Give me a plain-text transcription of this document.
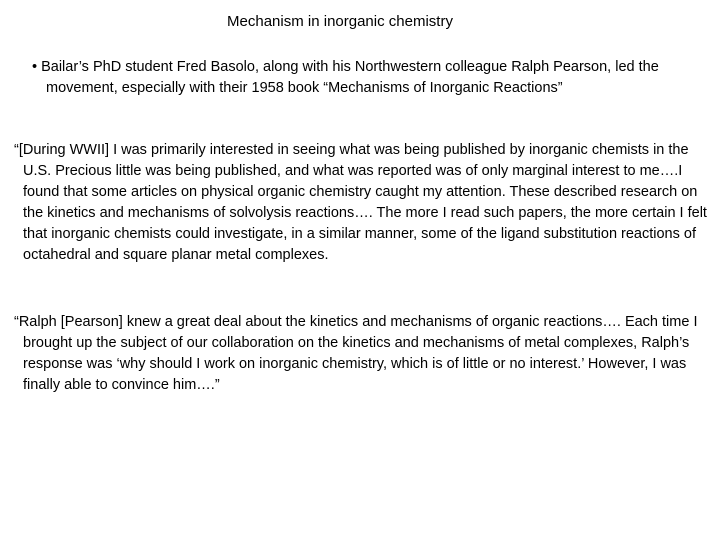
Mechanism in inorganic chemistry

• Bailar’s PhD student Fred Basolo, along with his Northwestern colleague Ralph Pearson, led the movement, especially with their 1958 book “Mechanisms of Inorganic Reactions”

“[During WWII] I was primarily interested in seeing what was being published by inorganic chemists in the U.S. Precious little was being published, and what was reported was of only marginal interest to me….I found that some articles on physical organic chemistry caught my attention. These described research on the kinetics and mechanisms of solvolysis reactions…. The more I read such papers, the more certain I felt that inorganic chemists could investigate, in a similar manner, some of the ligand substitution reactions of octahedral and square planar metal complexes.

“Ralph [Pearson] knew a great deal about the kinetics and mechanisms of organic reactions…. Each time I brought up the subject of our collaboration on the kinetics and mechanisms of metal complexes, Ralph’s response was ‘why should I work on inorganic chemistry, which is of little or no interest.’ However, I was finally able to convince him….”
